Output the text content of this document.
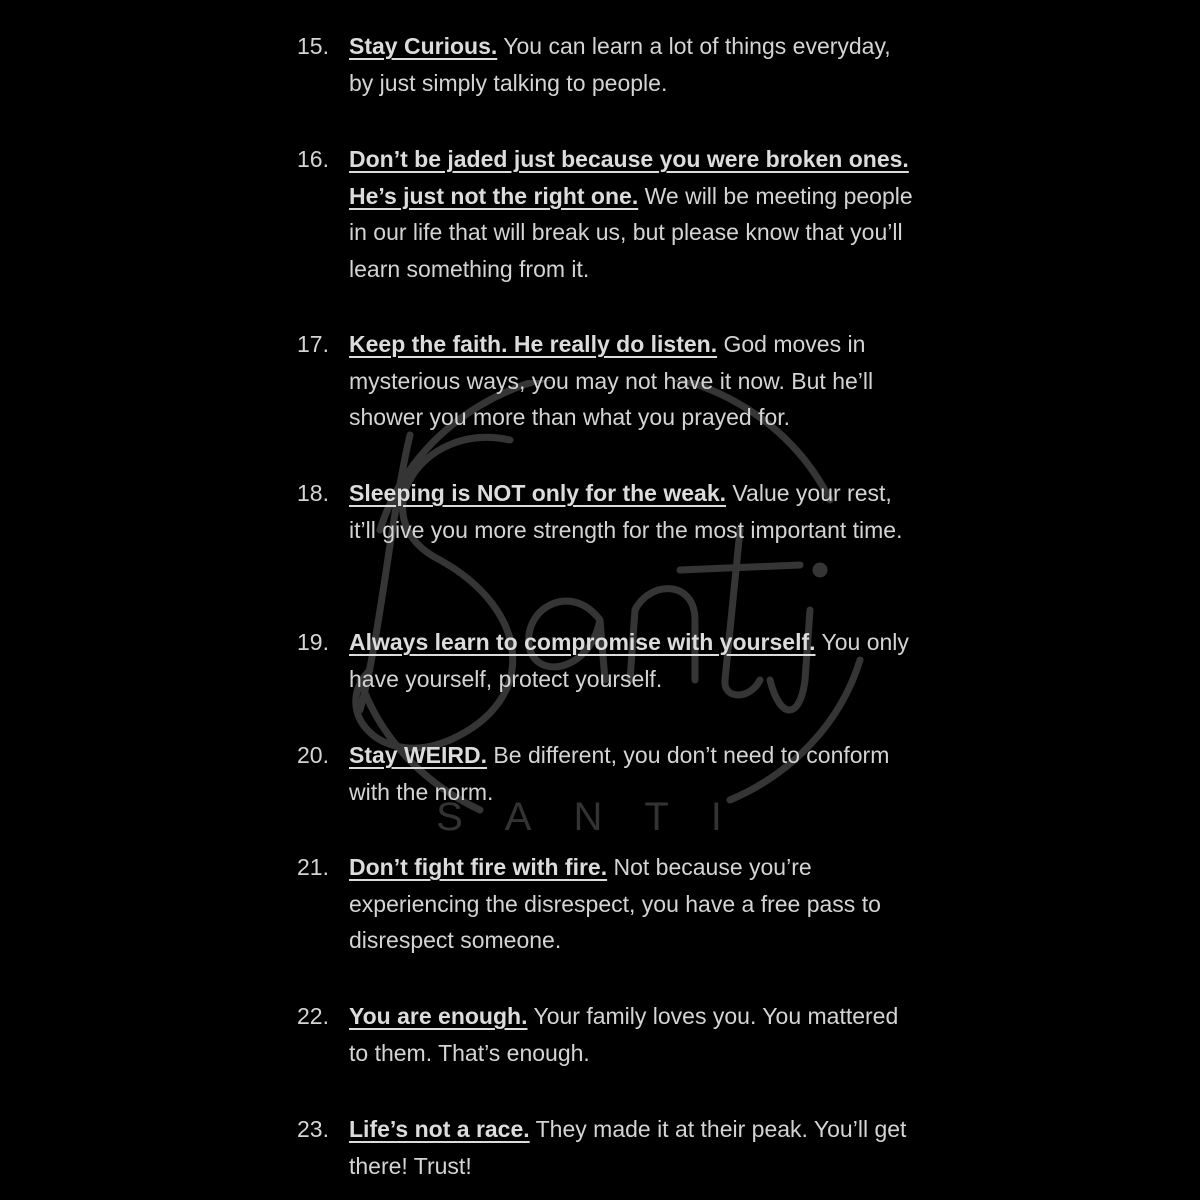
SANTI
15. Stay Curious. You can learn a lot of things everyday, by just simply talking to people.
16. Don’t be jaded just because you were broken ones. He’s just not the right one. We will be meeting people in our life that will break us, but please know that you’ll learn something from it.
17. Keep the faith. He really do listen. God moves in mysterious ways, you may not have it now. But he’ll shower you more than what you prayed for.
18. Sleeping is NOT only for the weak. Value your rest, it’ll give you more strength for the most important time.
19. Always learn to compromise with yourself. You only have yourself, protect yourself.
20. Stay WEIRD. Be different, you don’t need to conform with the norm.
21. Don’t fight fire with fire. Not because you’re experiencing the disrespect, you have a free pass to disrespect someone.
22. You are enough. Your family loves you. You mattered to them. That’s enough.
23. Life’s not a race. They made it at their peak. You’ll get there! Trust!
